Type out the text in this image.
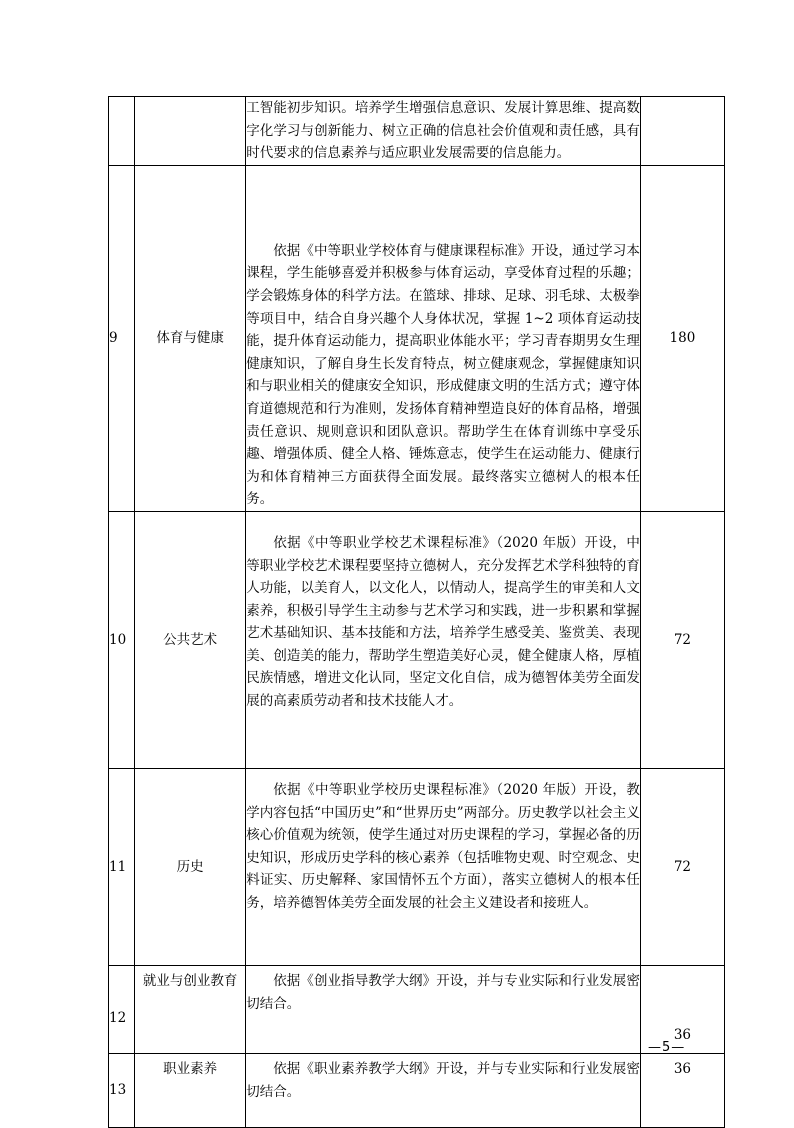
		工智能初步知识。培养学生增强信息意识、发展计算思维、提高数字化学习与创新能力、树立正确的信息社会价值观和责任感，具有时代要求的信息素养与适应职业发展需要的信息能力。	

9	体育与健康	依据《中等职业学校体育与健康课程标准》开设，通过学习本课程，学生能够喜爱并积极参与体育运动，享受体育过程的乐趣；学会锻炼身体的科学方法。在篮球、排球、足球、羽毛球、太极拳等项目中，结合自身兴趣个人身体状况，掌握 1~2 项体育运动技能，提升体育运动能力，提高职业体能水平；学习青春期男女生理健康知识，了解自身生长发育特点，树立健康观念，掌握健康知识和与职业相关的健康安全知识，形成健康文明的生活方式；遵守体育道德规范和行为准则，发扬体育精神塑造良好的体育品格，增强责任意识、规则意识和团队意识。帮助学生在体育训练中享受乐趣、增强体质、健全人格、锤炼意志，使学生在运动能力、健康行为和体育精神三方面获得全面发展。最终落实立德树人的根本任务。	180
10	公共艺术	依据《中等职业学校艺术课程标准》（2020 年版）开设，中等职业学校艺术课程要坚持立德树人，充分发挥艺术学科独特的育人功能，以美育人，以文化人，以情动人，提高学生的审美和人文素养，积极引导学生主动参与艺术学习和实践，进一步积累和掌握艺术基础知识、基本技能和方法，培养学生感受美、鉴赏美、表现美、创造美的能力，帮助学生塑造美好心灵，健全健康人格，厚植民族情感，增进文化认同，坚定文化自信，成为德智体美劳全面发展的高素质劳动者和技术技能人才。	72
11	历史	依据《中等职业学校历史课程标准》（2020 年版）开设，教学内容包括“中国历史”和“世界历史”两部分。历史教学以社会主义核心价值观为统领，使学生通过对历史课程的学习，掌握必备的历史知识，形成历史学科的核心素养（包括唯物史观、时空观念、史料证实、历史解释、家国情怀五个方面），落实立德树人的根本任务，培养德智体美劳全面发展的社会主义建设者和接班人。	72
12	就业与创业教育	依据《创业指导教学大纲》开设，并与专业实际和行业发展密切结合。	36
13	职业素养	依据《职业素养教学大纲》开设，并与专业实际和行业发展密切结合。	36
—5—
